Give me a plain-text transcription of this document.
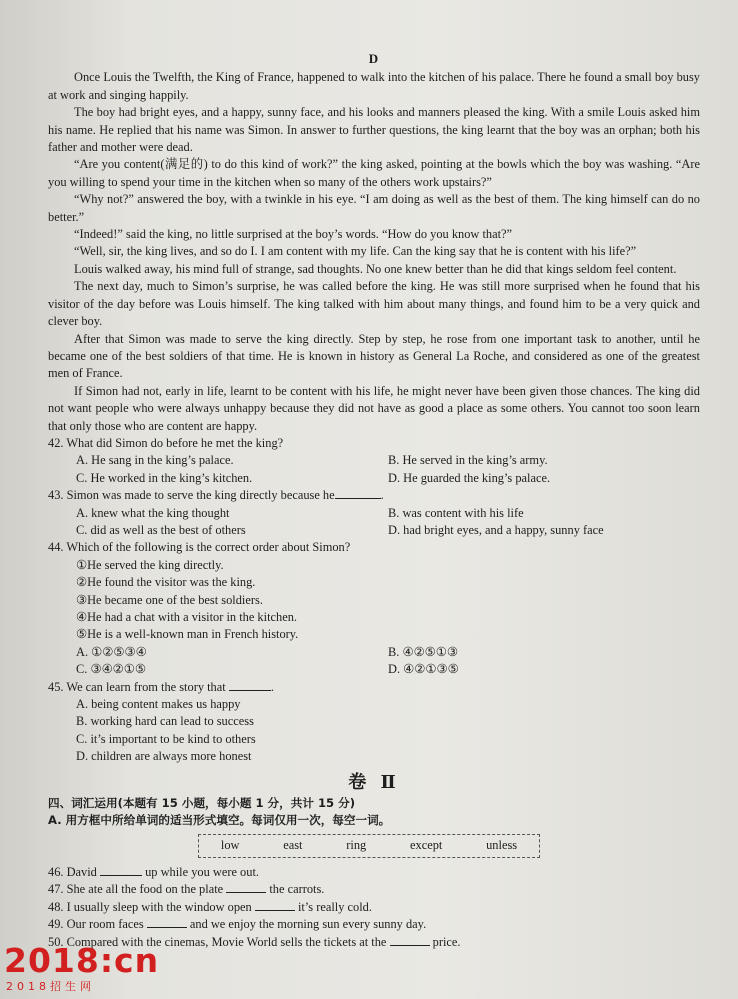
D

Once Louis the Twelfth, the King of France, happened to walk into the kitchen of his palace. There he found a small boy busy at work and singing happily.

The boy had bright eyes, and a happy, sunny face, and his looks and manners pleased the king. With a smile Louis asked him his name. He replied that his name was Simon. In answer to further questions, the king learnt that the boy was an orphan; both his father and mother were dead.

“Are you content(满足的) to do this kind of work?” the king asked, pointing at the bowls which the boy was washing. “Are you willing to spend your time in the kitchen when so many of the others work upstairs?”

“Why not?” answered the boy, with a twinkle in his eye. “I am doing as well as the best of them. The king himself can do no better.”

“Indeed!” said the king, no little surprised at the boy’s words. “How do you know that?”

“Well, sir, the king lives, and so do I. I am content with my life. Can the king say that he is content with his life?”

Louis walked away, his mind full of strange, sad thoughts. No one knew better than he did that kings seldom feel content.

The next day, much to Simon’s surprise, he was called before the king. He was still more surprised when he found that his visitor of the day before was Louis himself. The king talked with him about many things, and found him to be a very quick and clever boy.

After that Simon was made to serve the king directly. Step by step, he rose from one important task to another, until he became one of the best soldiers of that time. He is known in history as General La Roche, and considered as one of the greatest men of France.

If Simon had not, early in life, learnt to be content with his life, he might never have been given those chances. The king did not want people who were always unhappy because they did not have as good a place as some others. You cannot too soon learn that only those who are content are happy.

42. What did Simon do before he met the king?

A. He sang in the king’s palace.	B. He served in the king’s army.
C. He worked in the king’s kitchen.	D. He guarded the king’s palace.

43. Simon was made to serve the king directly because he	.

A. knew what the king thought	B. was content with his life
C. did as well as the best of others	D. had bright eyes, and a happy, sunny face

44. Which of the following is the correct order about Simon?

①He served the king directly.
②He found the visitor was the king.
③He became one of the best soldiers.
④He had a chat with a visitor in the kitchen.
⑤He is a well-known man in French history.
A. ①②⑤③④	B. ④②⑤①③
C. ③④②①⑤	D. ④②①③⑤

45. We can learn from the story that	.

A. being content makes us happy
B. working hard can lead to success
C. it’s important to be kind to others
D. children are always more honest
卷 Ⅱ

四、词汇运用(本题有 15 小题，每小题 1 分，共计 15 分)

A. 用方框中所给单词的适当形式填空。每词仅用一次，每空一词。

low	east	ring	except	unless

46. David	up while you were out.

47. She ate all the food on the plate	the carrots.

48. I usually sleep with the window open	it’s really cold.

49. Our room faces	and we enjoy the morning sun every sunny day.

50. Compared with the cinemas, Movie World sells the tickets at the	price.

2018:cn
2018招生网
